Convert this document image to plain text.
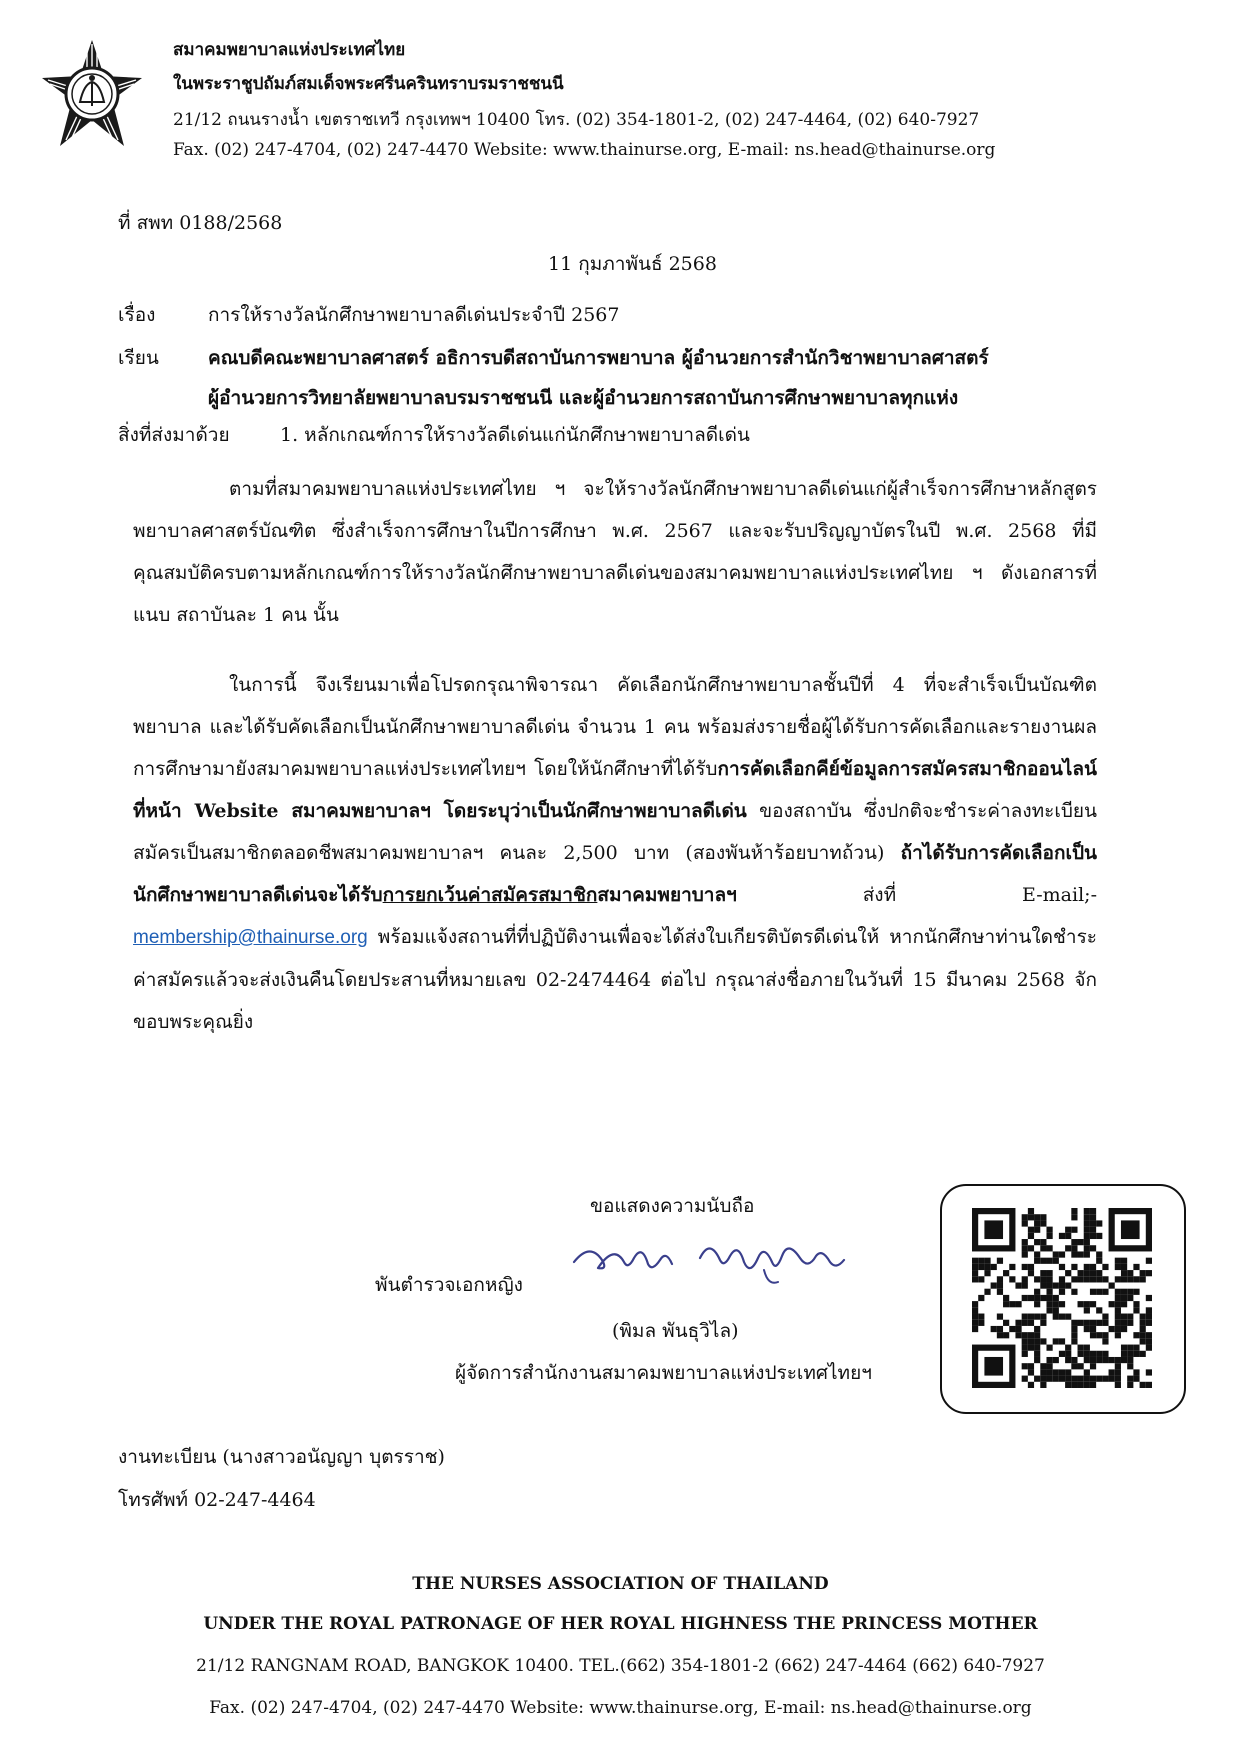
สมาคมพยาบาลแห่งประเทศไทย
ในพระราชูปถัมภ์สมเด็จพระศรีนครินทราบรมราชชนนี
21/12 ถนนรางน้ำ เขตราชเทวี กรุงเทพฯ 10400 โทร. (02) 354-1801-2, (02) 247-4464, (02) 640-7927
Fax. (02) 247-4704, (02) 247-4470 Website: www.thainurse.org, E-mail: ns.head@thainurse.org
ที่ สพท 0188/2568
11 กุมภาพันธ์ 2568
เรื่อง	การให้รางวัลนักศึกษาพยาบาลดีเด่นประจำปี 2567
เรียน	คณบดีคณะพยาบาลศาสตร์ อธิการบดีสถาบันการพยาบาล ผู้อำนวยการสำนักวิชาพยาบาลศาสตร์
ผู้อำนวยการวิทยาลัยพยาบาลบรมราชชนนี และผู้อำนวยการสถาบันการศึกษาพยาบาลทุกแห่ง
สิ่งที่ส่งมาด้วย	1. หลักเกณฑ์การให้รางวัลดีเด่นแก่นักศึกษาพยาบาลดีเด่น

ตามที่สมาคมพยาบาลแห่งประเทศไทย ฯ จะให้รางวัลนักศึกษาพยาบาลดีเด่นแก่ผู้สำเร็จการศึกษาหลักสูตรพยาบาลศาสตร์บัณฑิต ซึ่งสำเร็จการศึกษาในปีการศึกษา พ.ศ. 2567 และจะรับปริญญาบัตรในปี พ.ศ. 2568 ที่มีคุณสมบัติครบตามหลักเกณฑ์การให้รางวัลนักศึกษาพยาบาลดีเด่นของสมาคมพยาบาลแห่งประเทศไทย ฯ ดังเอกสารที่แนบ สถาบันละ 1 คน นั้น

ในการนี้ จึงเรียนมาเพื่อโปรดกรุณาพิจารณา คัดเลือกนักศึกษาพยาบาลชั้นปีที่ 4 ที่จะสำเร็จเป็นบัณฑิตพยาบาล และได้รับคัดเลือกเป็นนักศึกษาพยาบาลดีเด่น จำนวน 1 คน พร้อมส่งรายชื่อผู้ได้รับการคัดเลือกและรายงานผลการศึกษามายังสมาคมพยาบาลแห่งประเทศไทยฯ โดยให้นักศึกษาที่ได้รับการคัดเลือกคีย์ข้อมูลการสมัครสมาชิกออนไลน์ที่หน้า Website สมาคมพยาบาลฯ โดยระบุว่าเป็นนักศึกษาพยาบาลดีเด่น ของสถาบัน ซึ่งปกติจะชำระค่าลงทะเบียนสมัครเป็นสมาชิกตลอดชีพสมาคมพยาบาลฯ คนละ 2,500 บาท (สองพันห้าร้อยบาทถ้วน) ถ้าได้รับการคัดเลือกเป็นนักศึกษาพยาบาลดีเด่นจะได้รับการยกเว้นค่าสมัครสมาชิกสมาคมพยาบาลฯ ส่งที่ E-mail;- membership@thainurse.org พร้อมแจ้งสถานที่ที่ปฏิบัติงานเพื่อจะได้ส่งใบเกียรติบัตรดีเด่นให้ หากนักศึกษาท่านใดชำระค่าสมัครแล้วจะส่งเงินคืนโดยประสานที่หมายเลข 02-2474464 ต่อไป กรุณาส่งชื่อภายในวันที่ 15 มีนาคม 2568 จักขอบพระคุณยิ่ง

ขอแสดงความนับถือ
พันตำรวจเอกหญิง
(พิมล พันธุวิไล)
ผู้จัดการสำนักงานสมาคมพยาบาลแห่งประเทศไทยฯ
งานทะเบียน (นางสาวอนัญญา บุตรราช)
โทรศัพท์ 02-247-4464
THE NURSES ASSOCIATION OF THAILAND
UNDER THE ROYAL PATRONAGE OF HER ROYAL HIGHNESS THE PRINCESS MOTHER
21/12 RANGNAM ROAD, BANGKOK 10400. TEL.(662) 354-1801-2 (662) 247-4464 (662) 640-7927
Fax. (02) 247-4704, (02) 247-4470 Website: www.thainurse.org, E-mail: ns.head@thainurse.org
